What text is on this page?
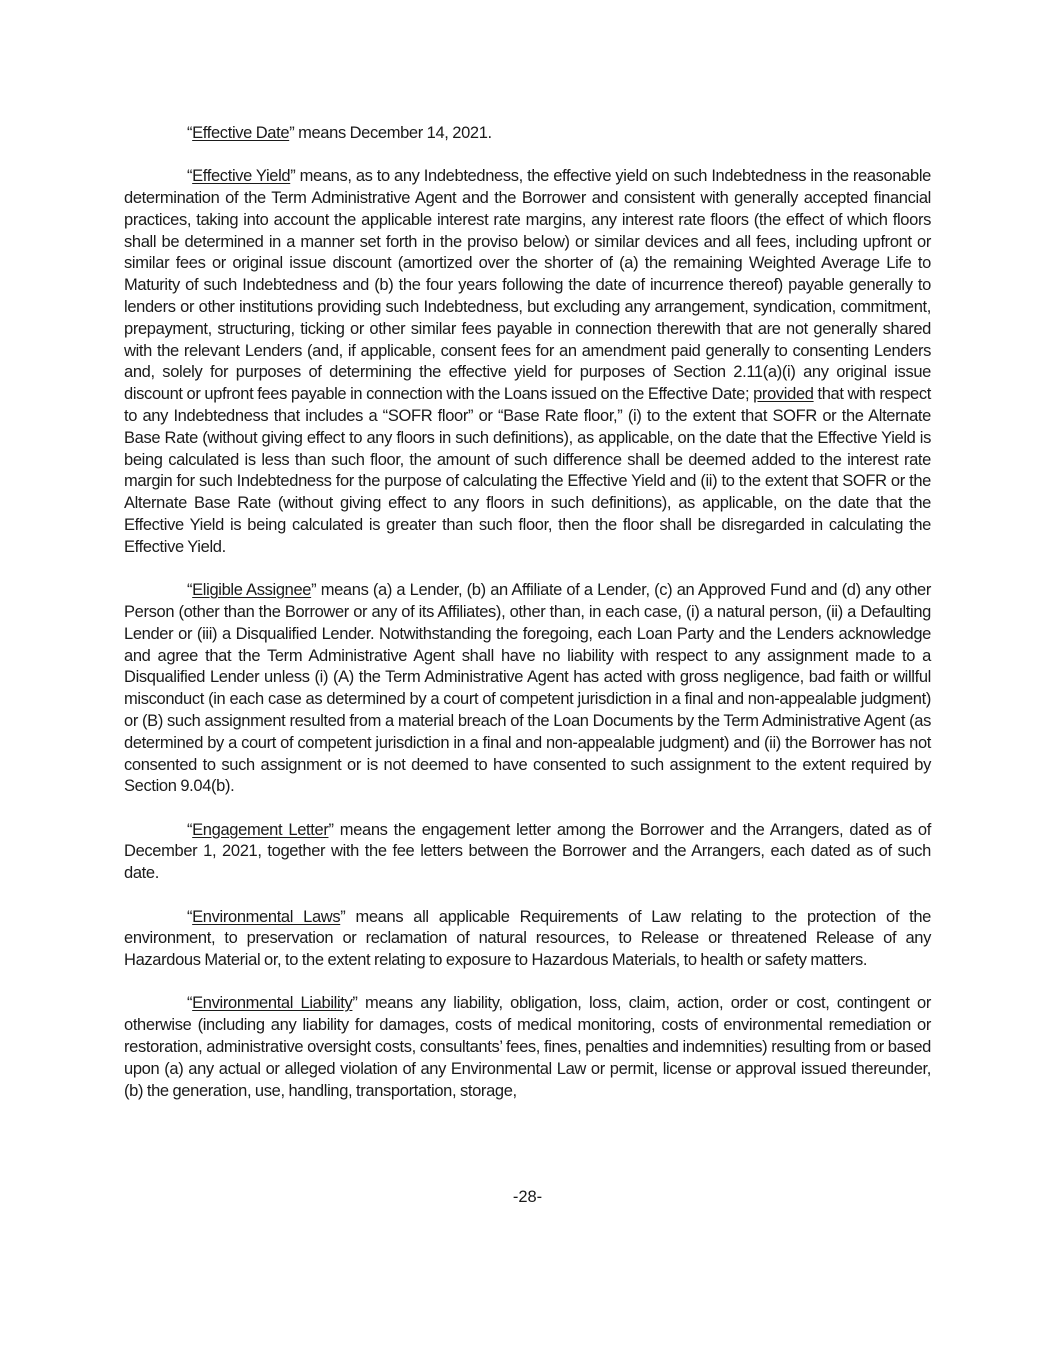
“Effective Date” means December 14, 2021.

“Effective Yield” means, as to any Indebtedness, the effective yield on such Indebtedness in the reasonable determination of the Term Administrative Agent and the Borrower and consistent with generally accepted financial practices, taking into account the applicable interest rate margins, any interest rate floors (the effect of which floors shall be determined in a manner set forth in the proviso below) or similar devices and all fees, including upfront or similar fees or original issue discount (amortized over the shorter of (a) the remaining Weighted Average Life to Maturity of such Indebtedness and (b) the four years following the date of incurrence thereof) payable generally to lenders or other institutions providing such Indebtedness, but excluding any arrangement, syndication, commitment, prepayment, structuring, ticking or other similar fees payable in connection therewith that are not generally shared with the relevant Lenders (and, if applicable, consent fees for an amendment paid generally to consenting Lenders and, solely for purposes of determining the effective yield for purposes of Section 2.11(a)(i) any original issue discount or upfront fees payable in connection with the Loans issued on the Effective Date; provided that with respect to any Indebtedness that includes a “SOFR floor” or “Base Rate floor,” (i) to the extent that SOFR or the Alternate Base Rate (without giving effect to any floors in such definitions), as applicable, on the date that the Effective Yield is being calculated is less than such floor, the amount of such difference shall be deemed added to the interest rate margin for such Indebtedness for the purpose of calculating the Effective Yield and (ii) to the extent that SOFR or the Alternate Base Rate (without giving effect to any floors in such definitions), as applicable, on the date that the Effective Yield is being calculated is greater than such floor, then the floor shall be disregarded in calculating the Effective Yield.

“Eligible Assignee” means (a) a Lender, (b) an Affiliate of a Lender, (c) an Approved Fund and (d) any other Person (other than the Borrower or any of its Affiliates), other than, in each case, (i) a natural person, (ii) a Defaulting Lender or (iii) a Disqualified Lender. Notwithstanding the foregoing, each Loan Party and the Lenders acknowledge and agree that the Term Administrative Agent shall have no liability with respect to any assignment made to a Disqualified Lender unless (i) (A) the Term Administrative Agent has acted with gross negligence, bad faith or willful misconduct (in each case as determined by a court of competent jurisdiction in a final and non-appealable judgment) or (B) such assignment resulted from a material breach of the Loan Documents by the Term Administrative Agent (as determined by a court of competent jurisdiction in a final and non-appealable judgment) and (ii) the Borrower has not consented to such assignment or is not deemed to have consented to such assignment to the extent required by Section 9.04(b).

“Engagement Letter” means the engagement letter among the Borrower and the Arrangers, dated as of December 1, 2021, together with the fee letters between the Borrower and the Arrangers, each dated as of such date.

“Environmental Laws” means all applicable Requirements of Law relating to the protection of the environment, to preservation or reclamation of natural resources, to Release or threatened Release of any Hazardous Material or, to the extent relating to exposure to Hazardous Materials, to health or safety matters.

“Environmental Liability” means any liability, obligation, loss, claim, action, order or cost, contingent or otherwise (including any liability for damages, costs of medical monitoring, costs of environmental remediation or restoration, administrative oversight costs, consultants’ fees, fines, penalties and indemnities) resulting from or based upon (a) any actual or alleged violation of any Environmental Law or permit, license or approval issued thereunder, (b) the generation, use, handling, transportation, storage,

-28-
